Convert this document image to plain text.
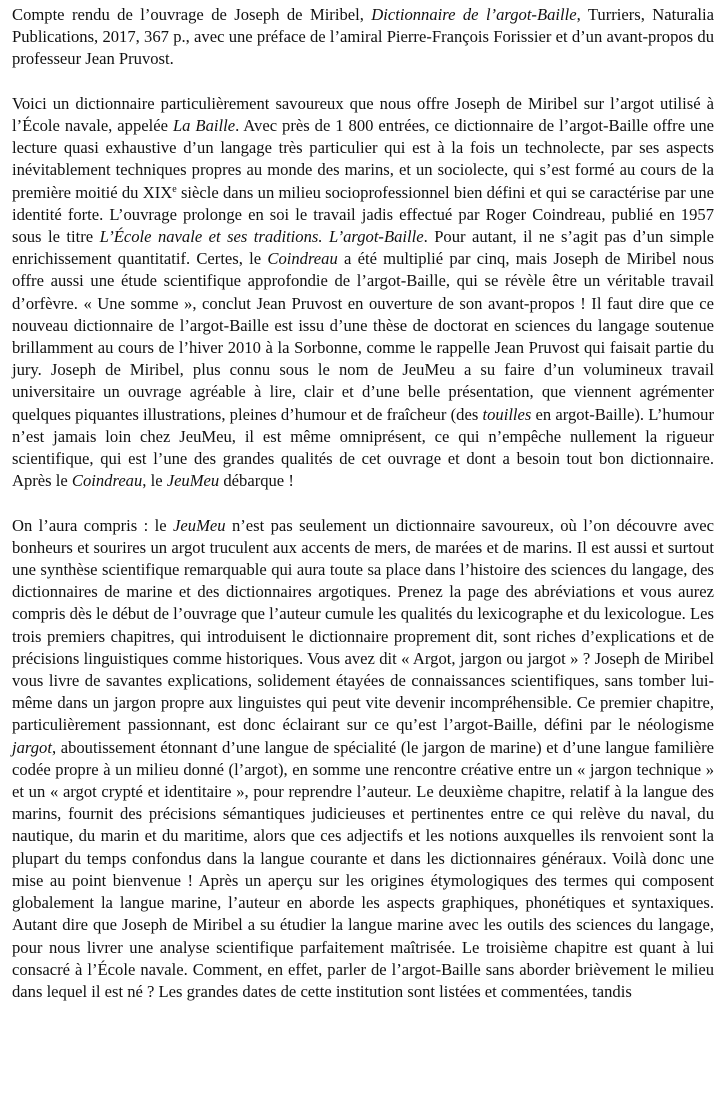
Compte rendu de l’ouvrage de Joseph de Miribel, Dictionnaire de l’argot-Baille, Turriers, Naturalia Publications, 2017, 367 p., avec une préface de l’amiral Pierre-François Forissier et d’un avant-propos du professeur Jean Pruvost.

Voici un dictionnaire particulièrement savoureux que nous offre Joseph de Miribel sur l’argot utilisé à l’École navale, appelée La Baille. Avec près de 1 800 entrées, ce dictionnaire de l’argot-Baille offre une lecture quasi exhaustive d’un langage très particulier qui est à la fois un technolecte, par ses aspects inévitablement techniques propres au monde des marins, et un sociolecte, qui s’est formé au cours de la première moitié du XIXe siècle dans un milieu socioprofessionnel bien défini et qui se caractérise par une identité forte. L’ouvrage prolonge en soi le travail jadis effectué par Roger Coindreau, publié en 1957 sous le titre L’École navale et ses traditions. L’argot-Baille. Pour autant, il ne s’agit pas d’un simple enrichissement quantitatif. Certes, le Coindreau a été multiplié par cinq, mais Joseph de Miribel nous offre aussi une étude scientifique approfondie de l’argot-Baille, qui se révèle être un véritable travail d’orfèvre. « Une somme », conclut Jean Pruvost en ouverture de son avant-propos ! Il faut dire que ce nouveau dictionnaire de l’argot-Baille est issu d’une thèse de doctorat en sciences du langage soutenue brillamment au cours de l’hiver 2010 à la Sorbonne, comme le rappelle Jean Pruvost qui faisait partie du jury. Joseph de Miribel, plus connu sous le nom de JeuMeu a su faire d’un volumineux travail universitaire un ouvrage agréable à lire, clair et d’une belle présentation, que viennent agrémenter quelques piquantes illustrations, pleines d’humour et de fraîcheur (des touilles en argot-Baille). L’humour n’est jamais loin chez JeuMeu, il est même omniprésent, ce qui n’empêche nullement la rigueur scientifique, qui est l’une des grandes qualités de cet ouvrage et dont a besoin tout bon dictionnaire. Après le Coindreau, le JeuMeu débarque !

On l’aura compris : le JeuMeu n’est pas seulement un dictionnaire savoureux, où l’on découvre avec bonheurs et sourires un argot truculent aux accents de mers, de marées et de marins. Il est aussi et surtout une synthèse scientifique remarquable qui aura toute sa place dans l’histoire des sciences du langage, des dictionnaires de marine et des dictionnaires argotiques. Prenez la page des abréviations et vous aurez compris dès le début de l’ouvrage que l’auteur cumule les qualités du lexicographe et du lexicologue. Les trois premiers chapitres, qui introduisent le dictionnaire proprement dit, sont riches d’explications et de précisions linguistiques comme historiques. Vous avez dit « Argot, jargon ou jargot » ? Joseph de Miribel vous livre de savantes explications, solidement étayées de connaissances scientifiques, sans tomber lui-même dans un jargon propre aux linguistes qui peut vite devenir incompréhensible. Ce premier chapitre, particulièrement passionnant, est donc éclairant sur ce qu’est l’argot-Baille, défini par le néologisme jargot, aboutissement étonnant d’une langue de spécialité (le jargon de marine) et d’une langue familière codée propre à un milieu donné (l’argot), en somme une rencontre créative entre un « jargon technique » et un « argot crypté et identitaire », pour reprendre l’auteur. Le deuxième chapitre, relatif à la langue des marins, fournit des précisions sémantiques judicieuses et pertinentes entre ce qui relève du naval, du nautique, du marin et du maritime, alors que ces adjectifs et les notions auxquelles ils renvoient sont la plupart du temps confondus dans la langue courante et dans les dictionnaires généraux. Voilà donc une mise au point bienvenue ! Après un aperçu sur les origines étymologiques des termes qui composent globalement la langue marine, l’auteur en aborde les aspects graphiques, phonétiques et syntaxiques. Autant dire que Joseph de Miribel a su étudier la langue marine avec les outils des sciences du langage, pour nous livrer une analyse scientifique parfaitement maîtrisée. Le troisième chapitre est quant à lui consacré à l’École navale. Comment, en effet, parler de l’argot-Baille sans aborder brièvement le milieu dans lequel il est né ? Les grandes dates de cette institution sont listées et commentées, tandis
